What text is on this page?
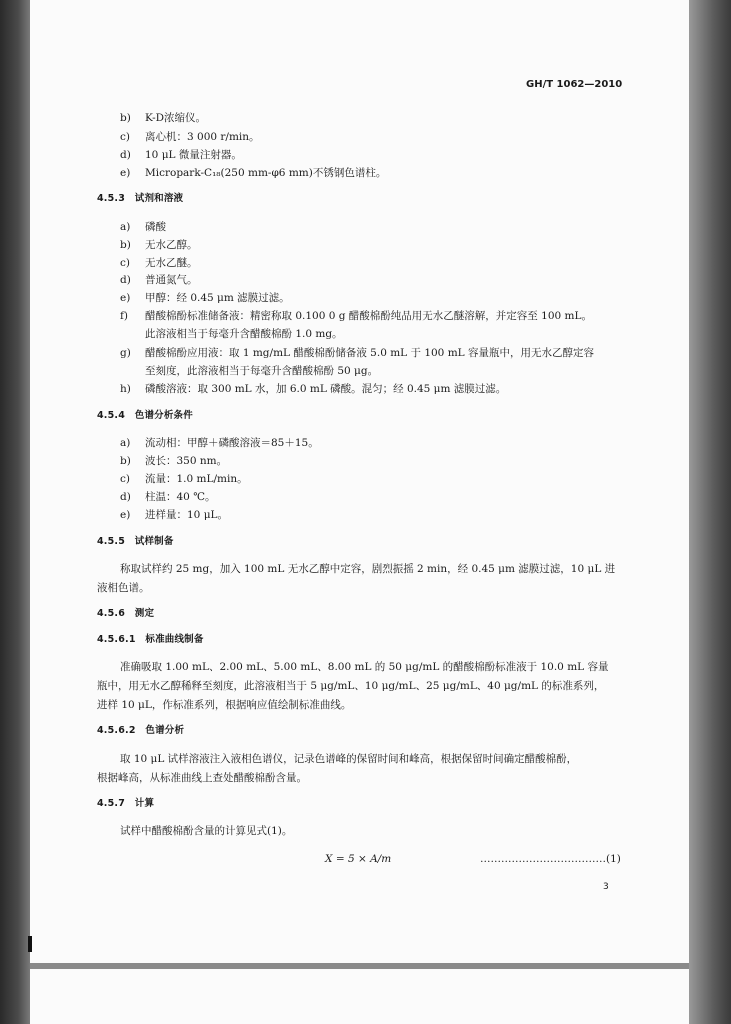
GH/T 1062—2010
b)	K-D浓缩仪。
c)	离心机：3 000 r/min。
d)	10 μL 微量注射器。
e)	Micropark-C₁₈(250 mm-φ6 mm)不锈钢色谱柱。
4.5.3　试剂和溶液
a)	磷酸
b)	无水乙醇。
c)	无水乙醚。
d)	普通氮气。
e)	甲醇：经 0.45 μm 滤膜过滤。
f)	醋酸棉酚标准储备液：精密称取 0.100 0 g 醋酸棉酚纯品用无水乙醚溶解，并定容至 100 mL。
此溶液相当于每毫升含醋酸棉酚 1.0 mg。
g)	醋酸棉酚应用液：取 1 mg/mL 醋酸棉酚储备液 5.0 mL 于 100 mL 容量瓶中，用无水乙醇定容
至刻度，此溶液相当于每毫升含醋酸棉酚 50 μg。
h)	磷酸溶液：取 300 mL 水，加 6.0 mL 磷酸。混匀；经 0.45 μm 滤膜过滤。
4.5.4　色谱分析条件
a)	流动相：甲醇＋磷酸溶液＝85＋15。
b)	波长：350 nm。
c)	流量：1.0 mL/min。
d)	柱温：40 ℃。
e)	进样量：10 μL。
4.5.5　试样制备
称取试样约 25 mg，加入 100 mL 无水乙醇中定容，剧烈振摇 2 min，经 0.45 μm 滤膜过滤，10 μL 进
液相色谱。
4.5.6　测定
4.5.6.1　标准曲线制备
准确吸取 1.00 mL、2.00 mL、5.00 mL、8.00 mL 的 50 μg/mL 的醋酸棉酚标准液于 10.0 mL 容量
瓶中，用无水乙醇稀释至刻度，此溶液相当于 5 μg/mL、10 μg/mL、25 μg/mL、40 μg/mL 的标准系列，
进样 10 μL，作标准系列，根据响应值绘制标准曲线。
4.5.6.2　色谱分析
取 10 μL 试样溶液注入液相色谱仪，记录色谱峰的保留时间和峰高，根据保留时间确定醋酸棉酚，
根据峰高，从标准曲线上查处醋酸棉酚含量。
4.5.7　计算
试样中醋酸棉酚含量的计算见式(1)。
X = 5 × A/m	………………………………(1)
3
